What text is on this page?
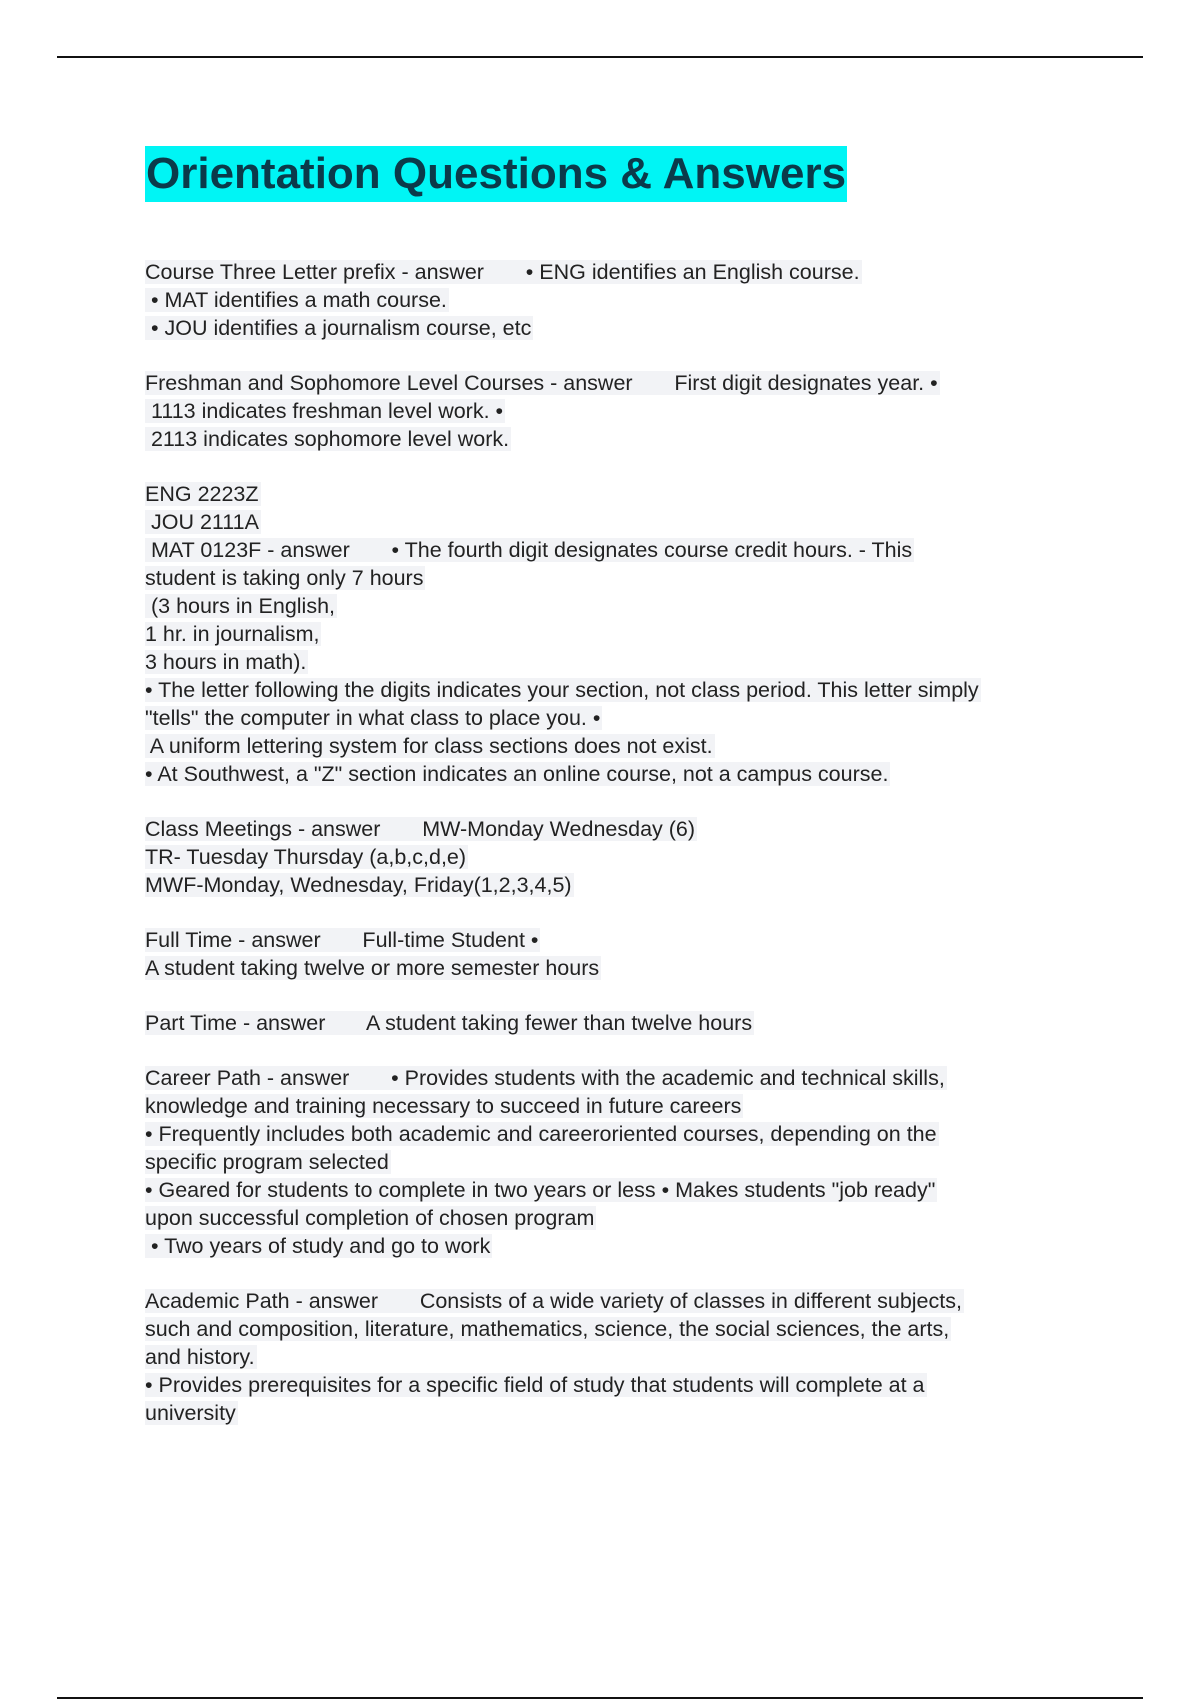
Orientation Questions & Answers
Course Three Letter prefix - answer       • ENG identifies an English course.
• MAT identifies a math course.
• JOU identifies a journalism course, etc
Freshman and Sophomore Level Courses - answer       First digit designates year. •
1113 indicates freshman level work. •
2113 indicates sophomore level work.
ENG 2223Z
JOU 2111A
MAT 0123F - answer       • The fourth digit designates course credit hours. - This
student is taking only 7 hours
(3 hours in English,
1 hr. in journalism,
3 hours in math).
• The letter following the digits indicates your section, not class period. This letter simply
"tells" the computer in what class to place you. •
A uniform lettering system for class sections does not exist.
• At Southwest, a "Z" section indicates an online course, not a campus course.
Class Meetings - answer       MW-Monday Wednesday (6)
TR- Tuesday Thursday (a,b,c,d,e)
MWF-Monday, Wednesday, Friday(1,2,3,4,5)
Full Time - answer       Full-time Student •
A student taking twelve or more semester hours
Part Time - answer       A student taking fewer than twelve hours
Career Path - answer       • Provides students with the academic and technical skills,
knowledge and training necessary to succeed in future careers
• Frequently includes both academic and careeroriented courses, depending on the
specific program selected
• Geared for students to complete in two years or less • Makes students "job ready"
upon successful completion of chosen program
• Two years of study and go to work
Academic Path - answer       Consists of a wide variety of classes in different subjects,
such and composition, literature, mathematics, science, the social sciences, the arts,
and history.
• Provides prerequisites for a specific field of study that students will complete at a
university
